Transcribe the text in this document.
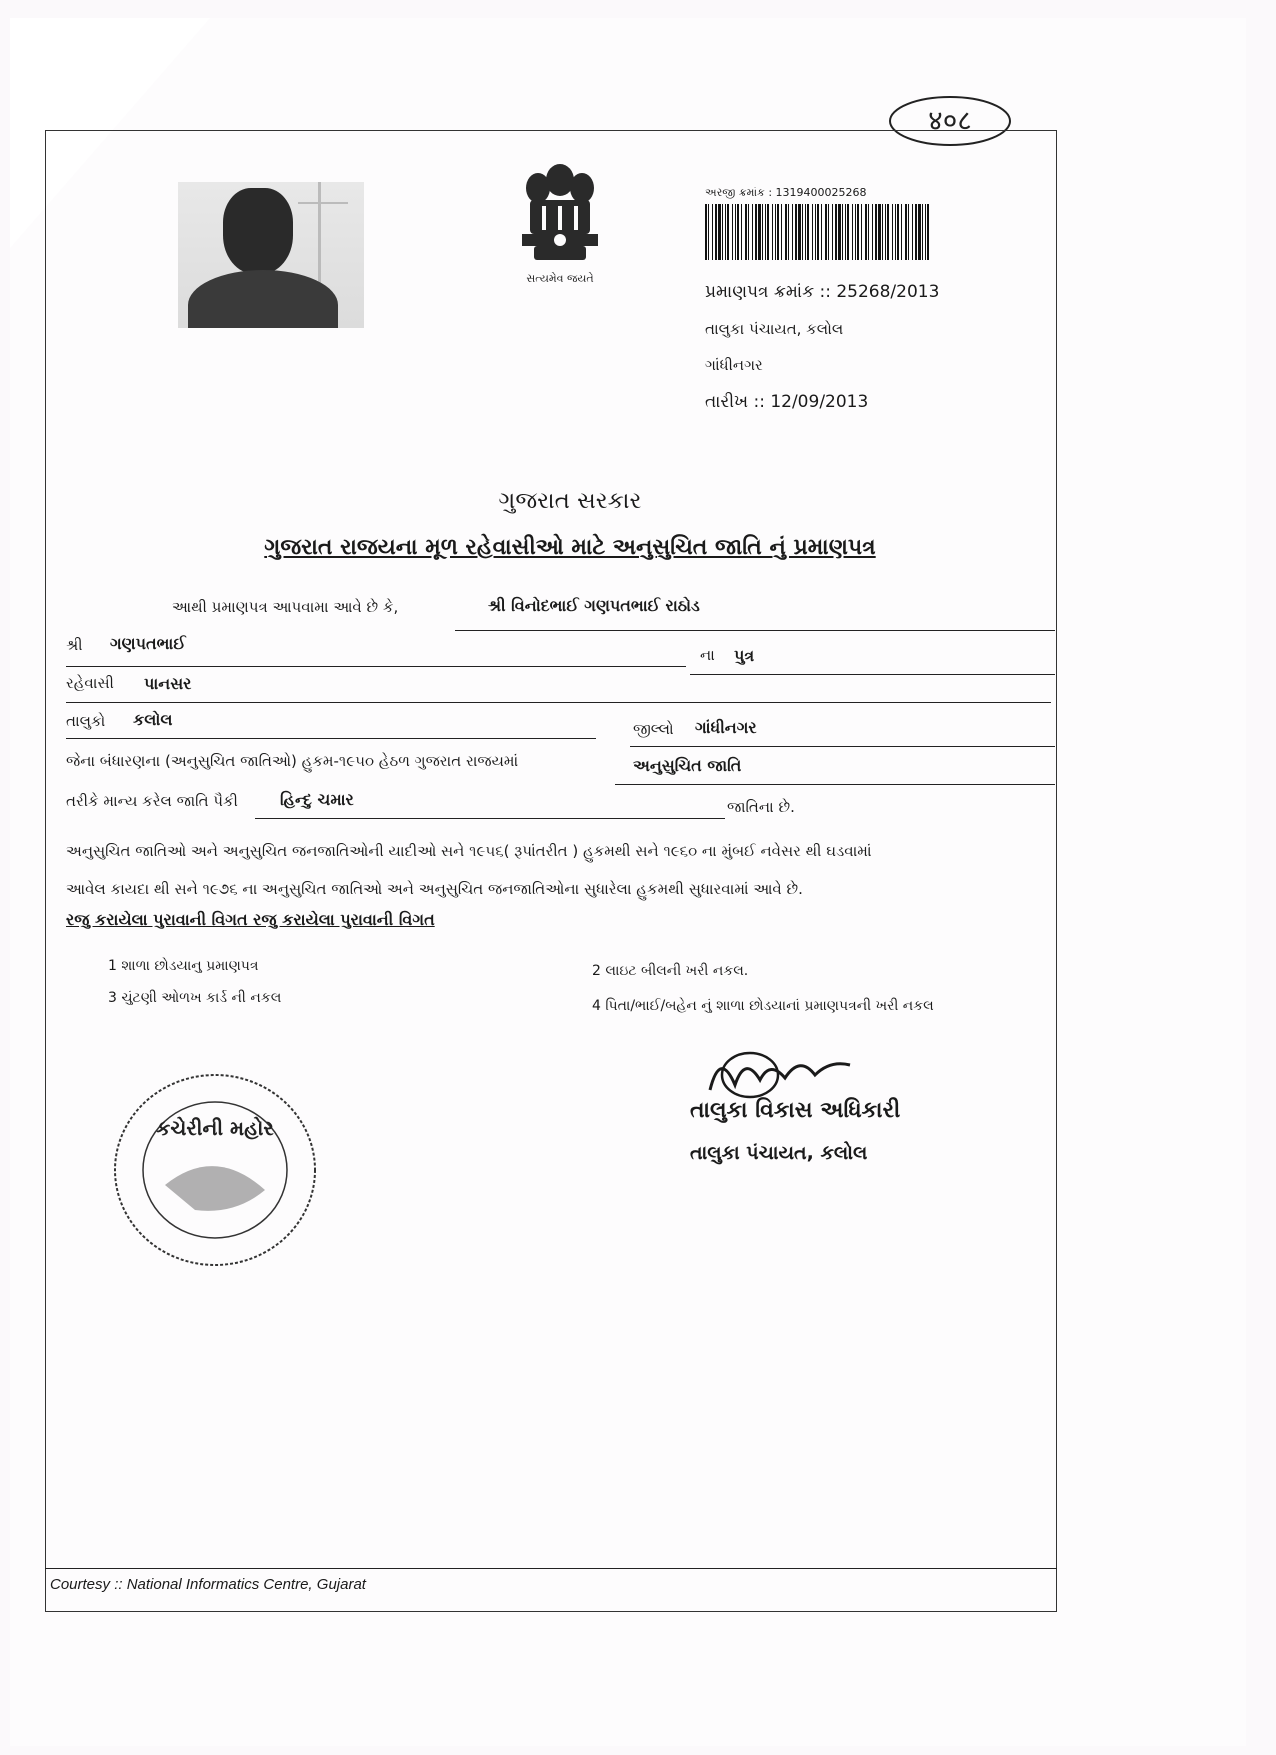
४०८
સત્યમેવ જયતે
અરજી ક્રમાંક : 1319400025268
પ્રમાણપત્ર ક્રમાંક :: 25268/2013
તાલુકા પંચાયત, કલોલ
ગાંધીનગર
તારીખ :: 12/09/2013
ગુજરાત સરકાર
ગુજરાત રાજયના મૂળ રહેવાસીઓ માટે અનુસુચિત જાતિ નું પ્રમાણપત્ર
આથી પ્રમાણપત્ર આપવામા આવે છે કે,	શ્રી વિનોદભાઈ ગણપતભાઈ રાઠોડ
શ્રી ગણપતભાઈ
ના પુત્ર
રહેવાસી પાનસર
તાલુકો કલોલ	જીલ્લો ગાંધીનગર
જેના બંધારણના (અનુસુચિત જાતિઓ) હુકમ-૧૯૫૦ હેઠળ ગુજરાત રાજયમાં	અનુસુચિત જાતિ
તરીકે માન્ય કરેલ જાતિ પૈકી	હિન્દુ ચમાર	જાતિના છે.
અનુસુચિત જાતિઓ અને અનુસુચિત જનજાતિઓની યાદીઓ સને ૧૯૫૬( રૂપાંતરીત ) હુકમથી સને ૧૯૬૦ ના મુંબઈ નવેસર થી ઘડવામાં
આવેલ કાયદા થી સને ૧૯૭૬ ના અનુસુચિત જાતિઓ અને અનુસુચિત જનજાતિઓના સુધારેલા હુકમથી સુધારવામાં આવે છે.
રજુ કરાયેલા પુરાવાની વિગત રજુ કરાયેલા પુરાવાની વિગત
1 શાળા છોડયાનુ પ્રમાણપત્ર	2 લાઇટ બીલની ખરી નકલ.
3 ચુંટણી ઓળખ કાર્ડ ની નકલ	4 પિતા/ભાઈ/બહેન નું શાળા છોડયાનાં પ્રમાણપત્રની ખરી નકલ
કચેરીની મહોર
તાલુકા વિકાસ અધિકારી
તાલુકા પંચાયત, કલોલ
Courtesy :: National Informatics Centre, Gujarat
